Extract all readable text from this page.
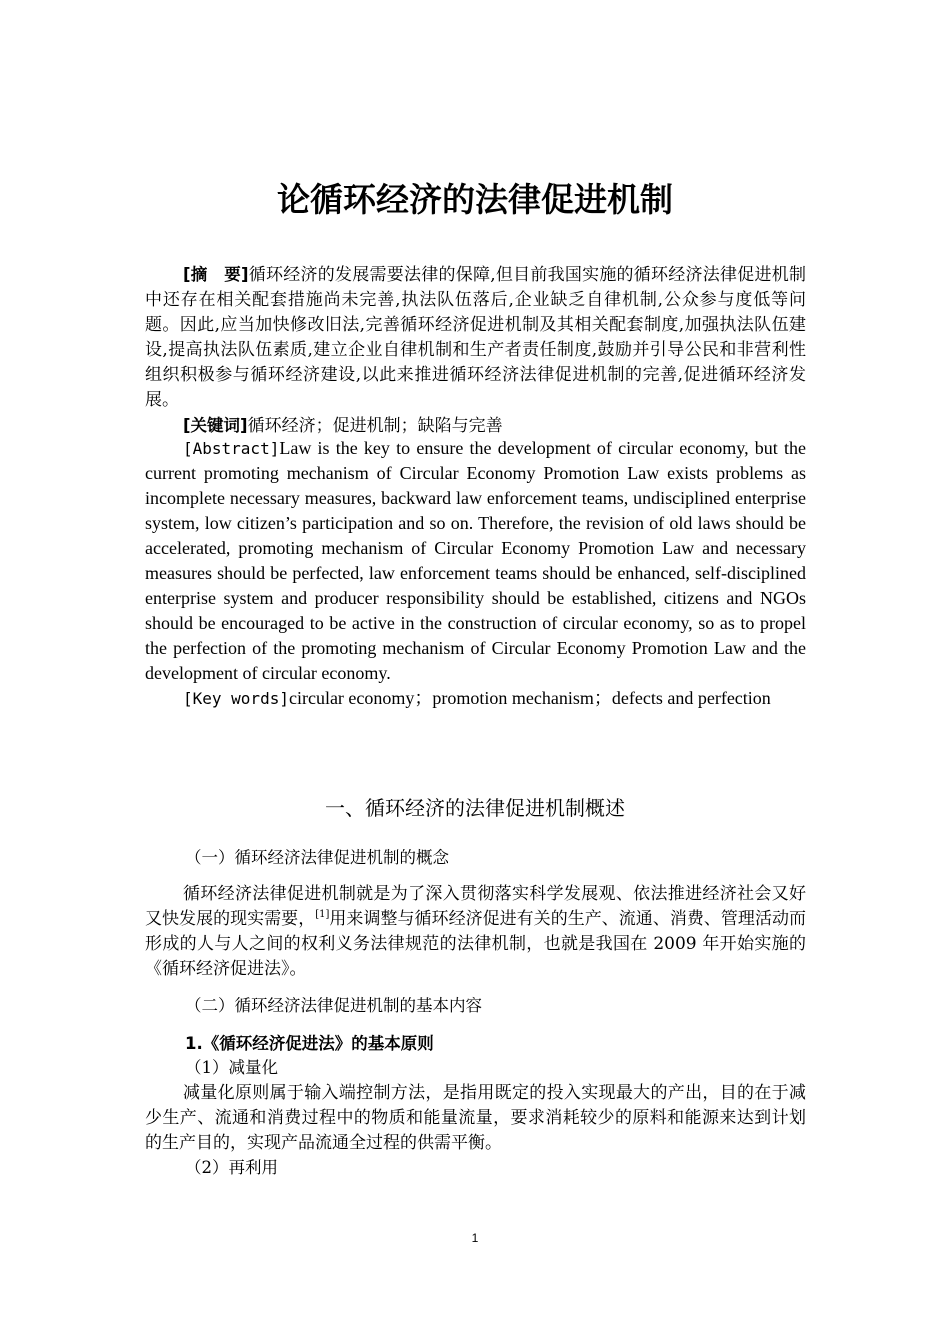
论循环经济的法律促进机制

[摘　要]循环经济的发展需要法律的保障,但目前我国实施的循环经济法律促进机制中还存在相关配套措施尚未完善,执法队伍落后,企业缺乏自律机制,公众参与度低等问题。因此,应当加快修改旧法,完善循环经济促进机制及其相关配套制度,加强执法队伍建设,提高执法队伍素质,建立企业自律机制和生产者责任制度,鼓励并引导公民和非营利性组织积极参与循环经济建设,以此来推进循环经济法律促进机制的完善,促进循环经济发展。

[关键词]循环经济；促进机制；缺陷与完善

[Abstract]Law is the key to ensure the development of circular economy, but the current promoting mechanism of Circular Economy Promotion Law exists problems as incomplete necessary measures, backward law enforcement teams, undisciplined enterprise system, low citizen’s participation and so on. Therefore, the revision of old laws should be accelerated, promoting mechanism of Circular Economy Promotion Law and necessary measures should be perfected, law enforcement teams should be enhanced, self-disciplined enterprise system and producer responsibility should be established, citizens and NGOs should be encouraged to be active in the construction of circular economy, so as to propel the perfection of the promoting mechanism of Circular Economy Promotion Law and the development of circular economy.

[Key words]circular economy；promotion mechanism；defects and perfection

一、循环经济的法律促进机制概述
（一）循环经济法律促进机制的概念

循环经济法律促进机制就是为了深入贯彻落实科学发展观、依法推进经济社会又好又快发展的现实需要，[1]用来调整与循环经济促进有关的生产、流通、消费、管理活动而形成的人与人之间的权利义务法律规范的法律机制，也就是我国在 2009 年开始实施的《循环经济促进法》。

（二）循环经济法律促进机制的基本内容
1.《循环经济促进法》的基本原则
（1）减量化

减量化原则属于输入端控制方法，是指用既定的投入实现最大的产出，目的在于减少生产、流通和消费过程中的物质和能量流量，要求消耗较少的原料和能源来达到计划的生产目的，实现产品流通全过程的供需平衡。

（2）再利用
1
